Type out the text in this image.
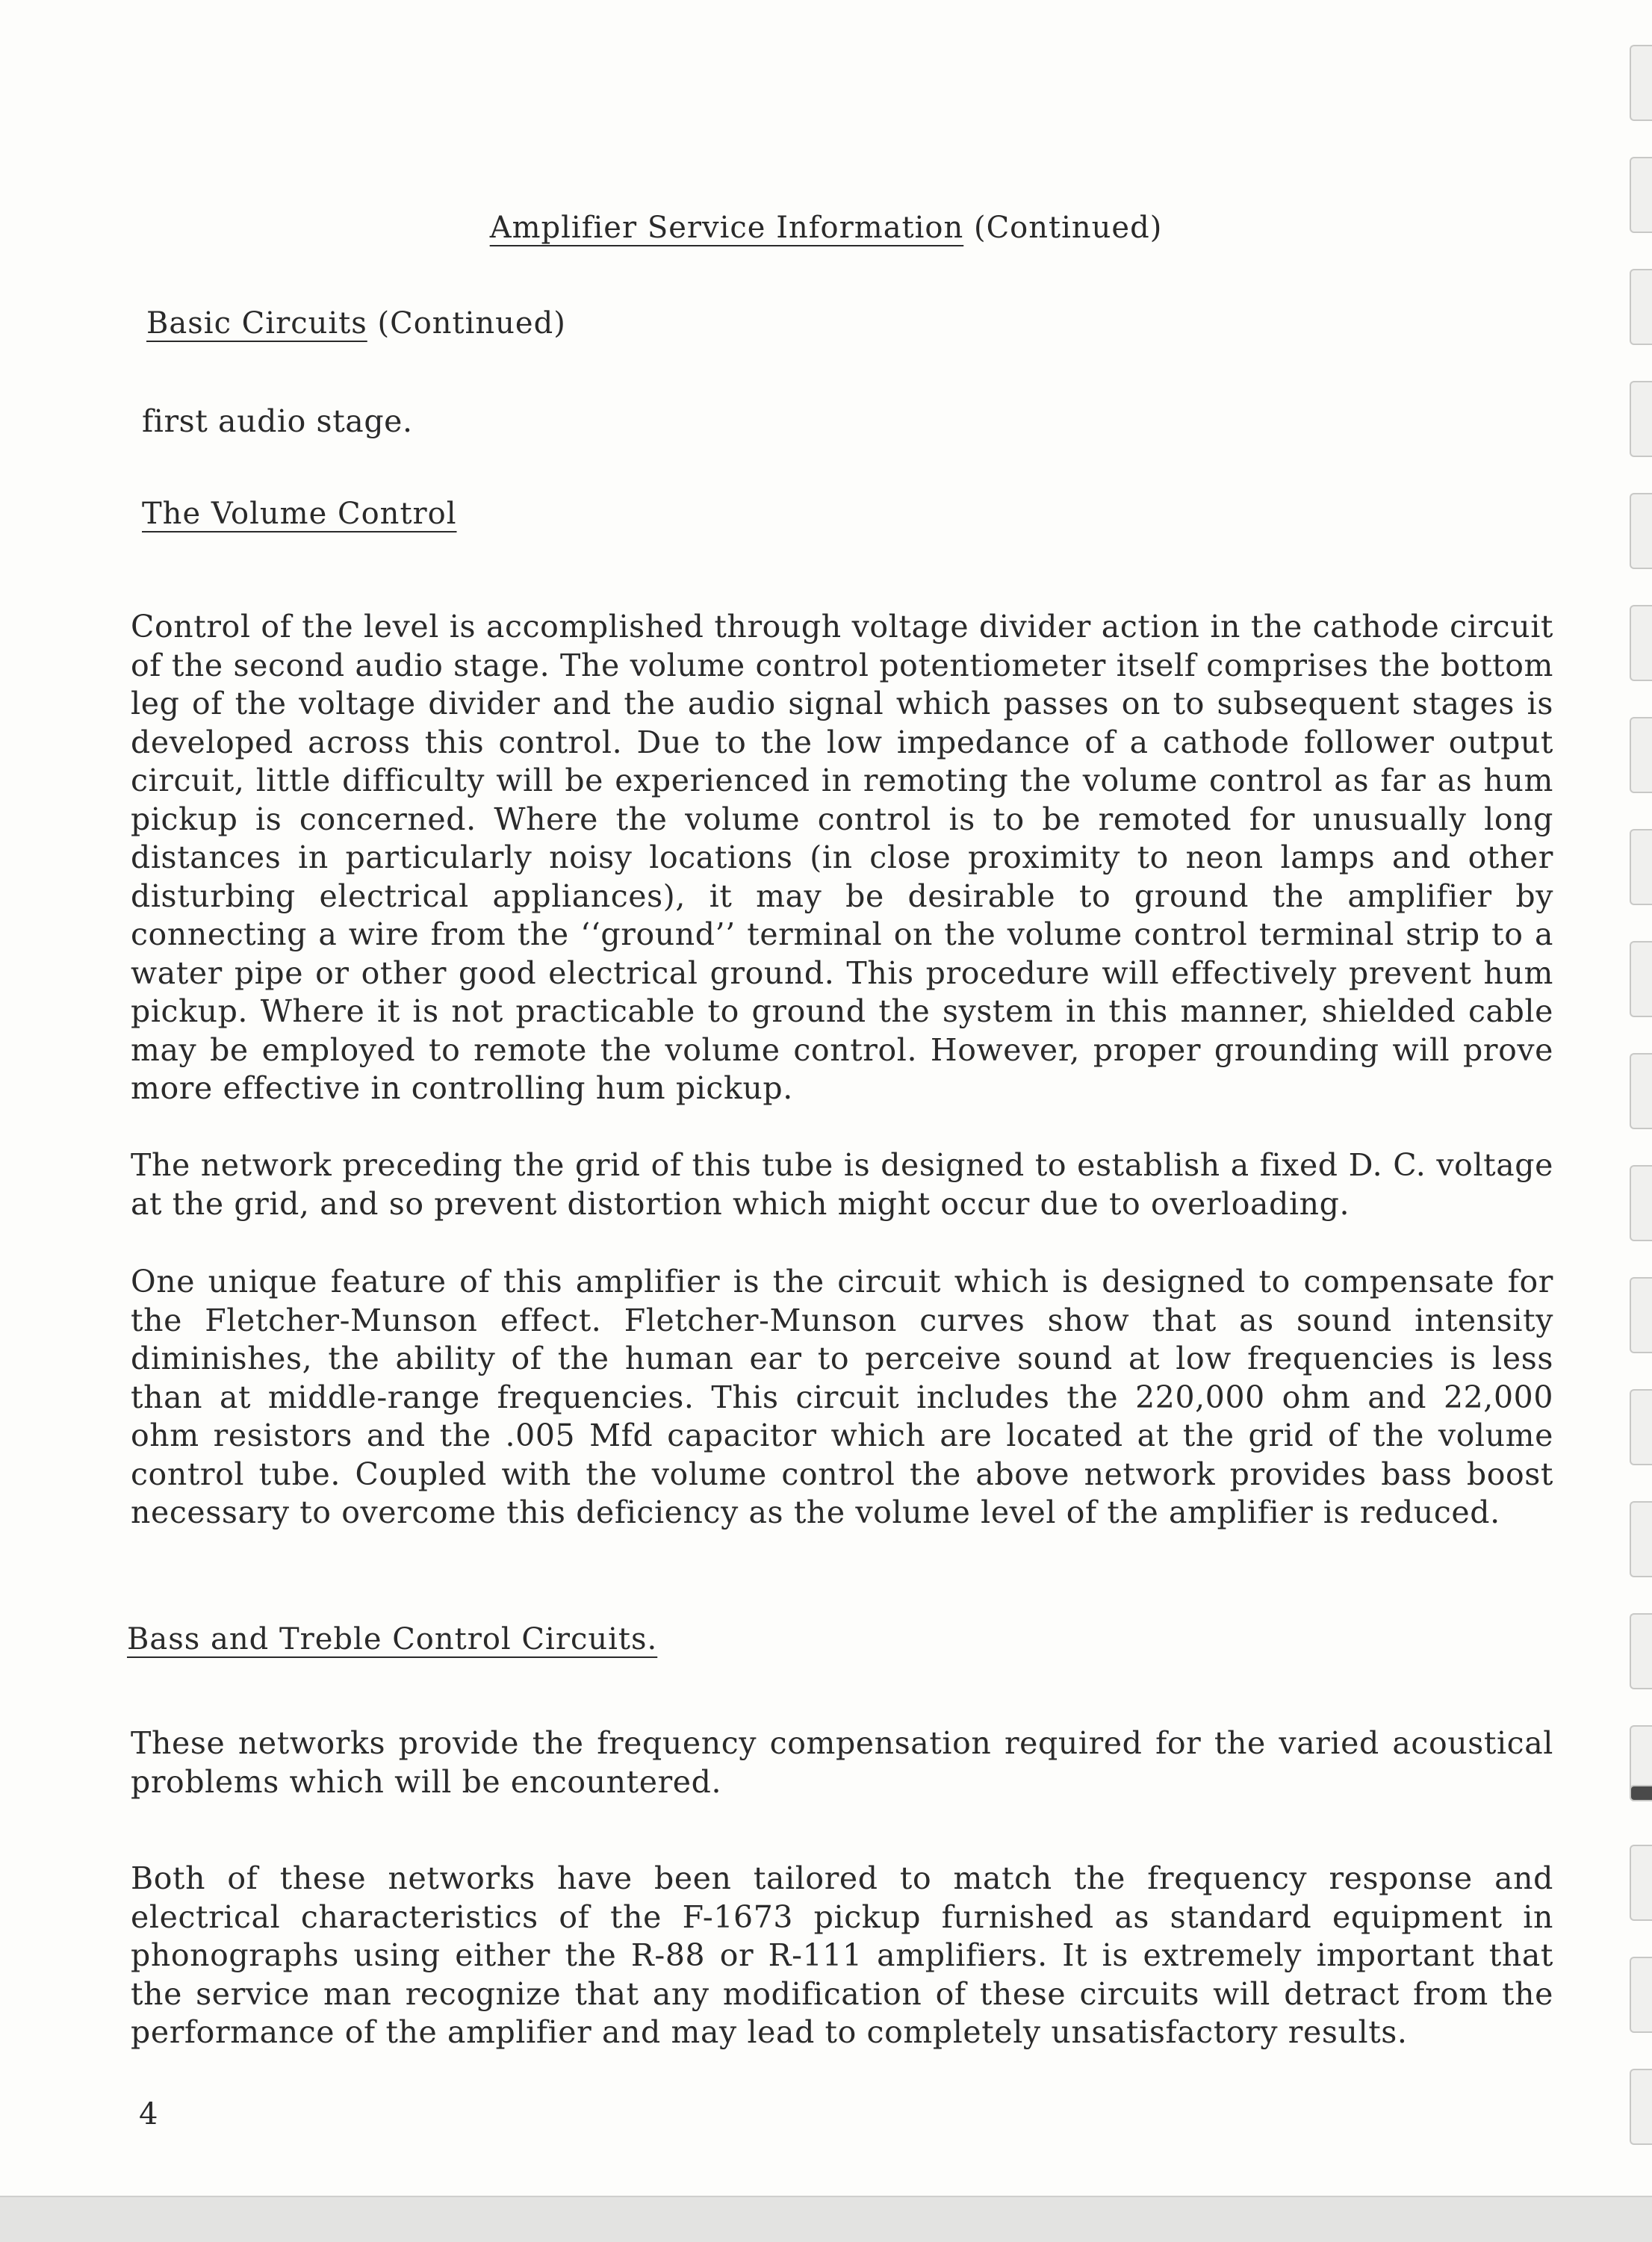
Amplifier Service Information (Continued)
Basic Circuits (Continued)
first audio stage.
The Volume Control

Control of the level is accomplished through voltage divider action in the cathode circuit of the second audio stage. The volume control potentiometer itself comprises the bottom leg of the voltage divider and the audio signal which passes on to subsequent stages is developed across this control. Due to the low impedance of a cathode follower output circuit, little difficulty will be experienced in remoting the volume control as far as hum pickup is concerned. Where the volume control is to be remoted for unusually long distances in particularly noisy locations (in close proximity to neon lamps and other disturbing electrical appliances), it may be desirable to ground the amplifier by connecting a wire from the ‘‘ground’’ terminal on the volume control terminal strip to a water pipe or other good electrical ground. This procedure will effectively prevent hum pickup. Where it is not practicable to ground the system in this manner, shielded cable may be employed to remote the volume control. However, proper grounding will prove more effective in controlling hum pickup.

The network preceding the grid of this tube is designed to establish a fixed D. C. voltage at the grid, and so prevent distortion which might occur due to overloading.

One unique feature of this amplifier is the circuit which is designed to compensate for the Fletcher-Munson effect. Fletcher-Munson curves show that as sound intensity diminishes, the ability of the human ear to perceive sound at low frequencies is less than at middle-range frequencies. This circuit includes the 220,000 ohm and 22,000 ohm resistors and the .005 Mfd capacitor which are located at the grid of the volume control tube. Coupled with the volume control the above network provides bass boost necessary to overcome this deficiency as the volume level of the amplifier is reduced.

Bass and Treble Control Circuits.

These networks provide the frequency compensation required for the varied acoustical problems which will be encountered.

Both of these networks have been tailored to match the frequency response and electrical characteristics of the F-1673 pickup furnished as standard equipment in phonographs using either the R-88 or R-111 amplifiers. It is extremely important that the service man recognize that any modification of these circuits will detract from the performance of the amplifier and may lead to completely unsatisfactory results.

4
